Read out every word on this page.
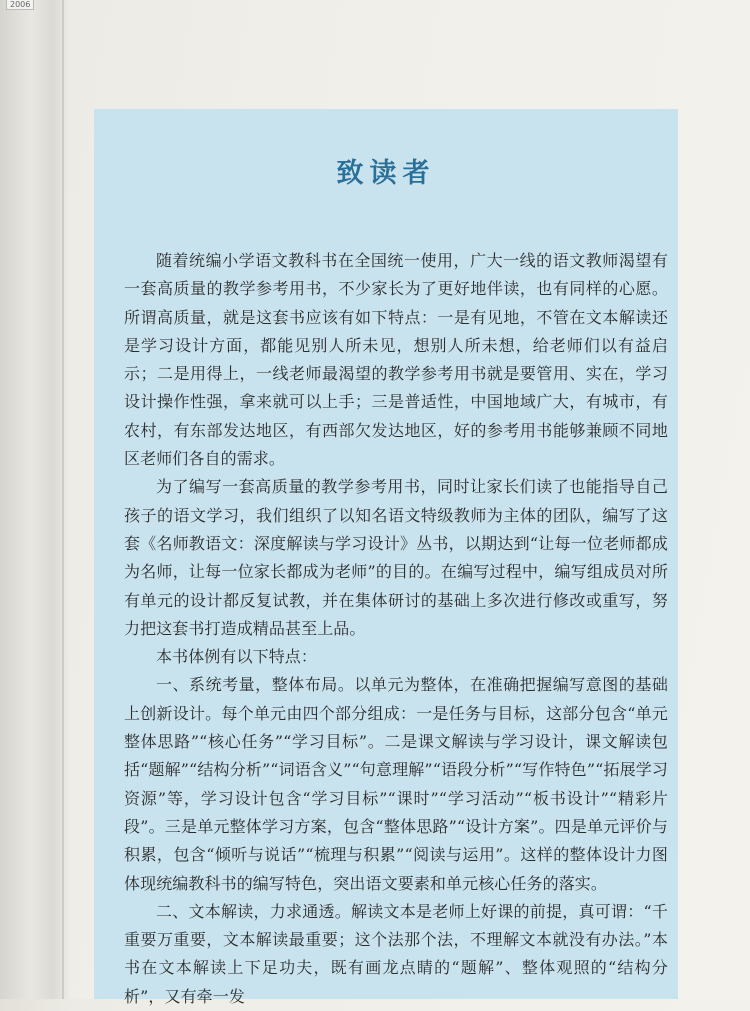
2006
致读者

随着统编小学语文教科书在全国统一使用，广大一线的语文教师渴望有一套高质量的教学参考用书，不少家长为了更好地伴读，也有同样的心愿。所谓高质量，就是这套书应该有如下特点：一是有见地，不管在文本解读还是学习设计方面，都能见别人所未见，想别人所未想，给老师们以有益启示；二是用得上，一线老师最渴望的教学参考用书就是要管用、实在，学习设计操作性强，拿来就可以上手；三是普适性，中国地域广大，有城市，有农村，有东部发达地区，有西部欠发达地区，好的参考用书能够兼顾不同地区老师们各自的需求。

为了编写一套高质量的教学参考用书，同时让家长们读了也能指导自己孩子的语文学习，我们组织了以知名语文特级教师为主体的团队，编写了这套《名师教语文：深度解读与学习设计》丛书，以期达到“让每一位老师都成为名师，让每一位家长都成为老师”的目的。在编写过程中，编写组成员对所有单元的设计都反复试教，并在集体研讨的基础上多次进行修改或重写，努力把这套书打造成精品甚至上品。

本书体例有以下特点：

一、系统考量，整体布局。以单元为整体，在准确把握编写意图的基础上创新设计。每个单元由四个部分组成：一是任务与目标，这部分包含“单元整体思路”“核心任务”“学习目标”。二是课文解读与学习设计，课文解读包括“题解”“结构分析”“词语含义”“句意理解”“语段分析”“写作特色”“拓展学习资源”等，学习设计包含“学习目标”“课时”“学习活动”“板书设计”“精彩片段”。三是单元整体学习方案，包含“整体思路”“设计方案”。四是单元评价与积累，包含“倾听与说话”“梳理与积累”“阅读与运用”。这样的整体设计力图体现统编教科书的编写特色，突出语文要素和单元核心任务的落实。

二、文本解读，力求通透。解读文本是老师上好课的前提，真可谓：“千重要万重要，文本解读最重要；这个法那个法，不理解文本就没有办法。”本书在文本解读上下足功夫，既有画龙点睛的“题解”、整体观照的“结构分析”，又有牵一发
